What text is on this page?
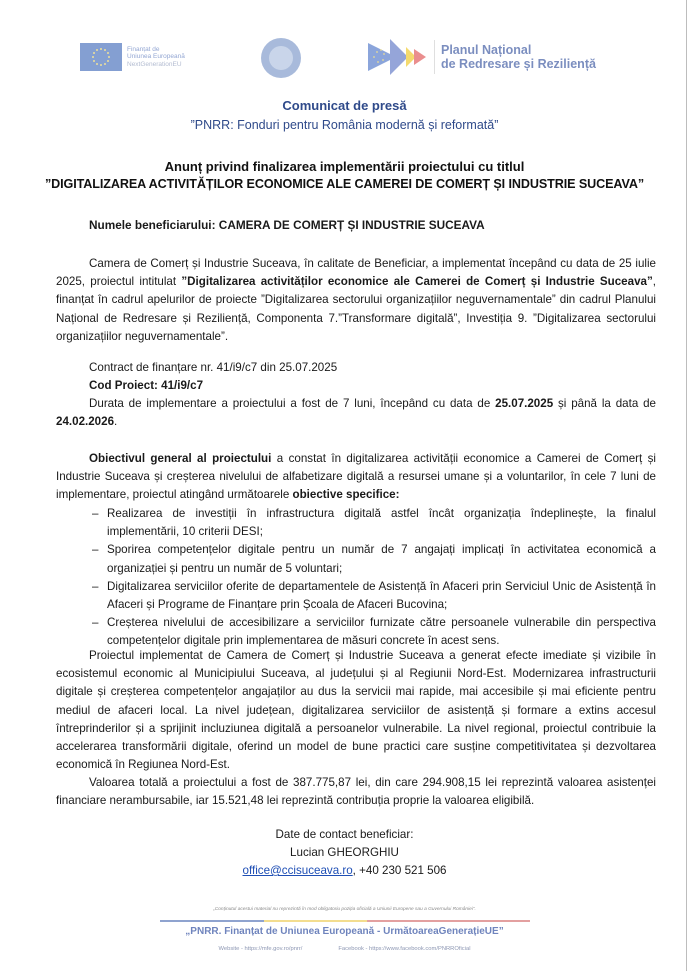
Finanțat de
Uniunea Europeană
NextGenerationEU
Planul Național
de Redresare și Reziliență
Comunicat de presă
”PNRR: Fonduri pentru România modernă și reformată”
Anunț privind finalizarea implementării proiectului cu titlul
”DIGITALIZAREA ACTIVITĂȚILOR ECONOMICE ALE CAMEREI DE COMERȚ ȘI INDUSTRIE SUCEAVA”
Numele beneficiarului: CAMERA DE COMERȚ ȘI INDUSTRIE SUCEAVA
Camera de Comerț și Industrie Suceava, în calitate de Beneficiar, a implementat începând cu data de 25 iulie 2025, proiectul intitulat ”Digitalizarea activităților economice ale Camerei de Comerț și Industrie Suceava”, finanțat în cadrul apelurilor de proiecte ”Digitalizarea sectorului organizațiilor neguvernamentale” din cadrul Planului Național de Redresare și Reziliență, Componenta 7.”Transformare digitală”, Investiția 9. ”Digitalizarea sectorului organizațiilor neguvernamentale”.
Contract de finanțare nr. 41/i9/c7 din 25.07.2025
Cod Proiect: 41/i9/c7
Durata de implementare a proiectului a fost de 7 luni, începând cu data de 25.07.2025 și până la data de 24.02.2026.
Obiectivul general al proiectului a constat în digitalizarea activității economice a Camerei de Comerț și Industrie Suceava și creșterea nivelului de alfabetizare digitală a resursei umane și a voluntarilor, în cele 7 luni de implementare, proiectul atingând următoarele obiective specifice:
– Realizarea de investiții în infrastructura digitală astfel încât organizația îndeplinește, la finalul implementării, 10 criterii DESI;
– Sporirea competențelor digitale pentru un număr de 7 angajați implicați în activitatea economică a organizației și pentru un număr de 5 voluntari;
– Digitalizarea serviciilor oferite de departamentele de Asistență în Afaceri prin Serviciul Unic de Asistență în Afaceri și Programe de Finanțare prin Școala de Afaceri Bucovina;
– Creșterea nivelului de accesibilizare a serviciilor furnizate către persoanele vulnerabile din perspectiva competențelor digitale prin implementarea de măsuri concrete în acest sens.
Proiectul implementat de Camera de Comerț și Industrie Suceava a generat efecte imediate și vizibile în ecosistemul economic al Municipiului Suceava, al județului și al Regiunii Nord-Est. Modernizarea infrastructurii digitale și creșterea competențelor angajaților au dus la servicii mai rapide, mai accesibile și mai eficiente pentru mediul de afaceri local. La nivel județean, digitalizarea serviciilor de asistență și formare a extins accesul întreprinderilor și a sprijinit incluziunea digitală a persoanelor vulnerabile. La nivel regional, proiectul contribuie la accelerarea transformării digitale, oferind un model de bune practici care susține competitivitatea și dezvoltarea economică în Regiunea Nord-Est.
Valoarea totală a proiectului a fost de 387.775,87 lei, din care 294.908,15 lei reprezintă valoarea asistenței financiare nerambursabile, iar 15.521,48 lei reprezintă contribuția proprie la valoarea eligibilă.
Date de contact beneficiar:
Lucian GHEORGHIU
office@ccisuceava.ro, +40 230 521 506
„Conținutul acestui material nu reprezintă în mod obligatoriu poziția oficială a Uniunii Europene sau a Guvernului României”.
„PNRR. Finanțat de Uniunea Europeană - UrmătoareaGenerațieUE”
Website - https://mfe.gov.ro/pnrr/	Facebook - https://www.facebook.com/PNRROficial
